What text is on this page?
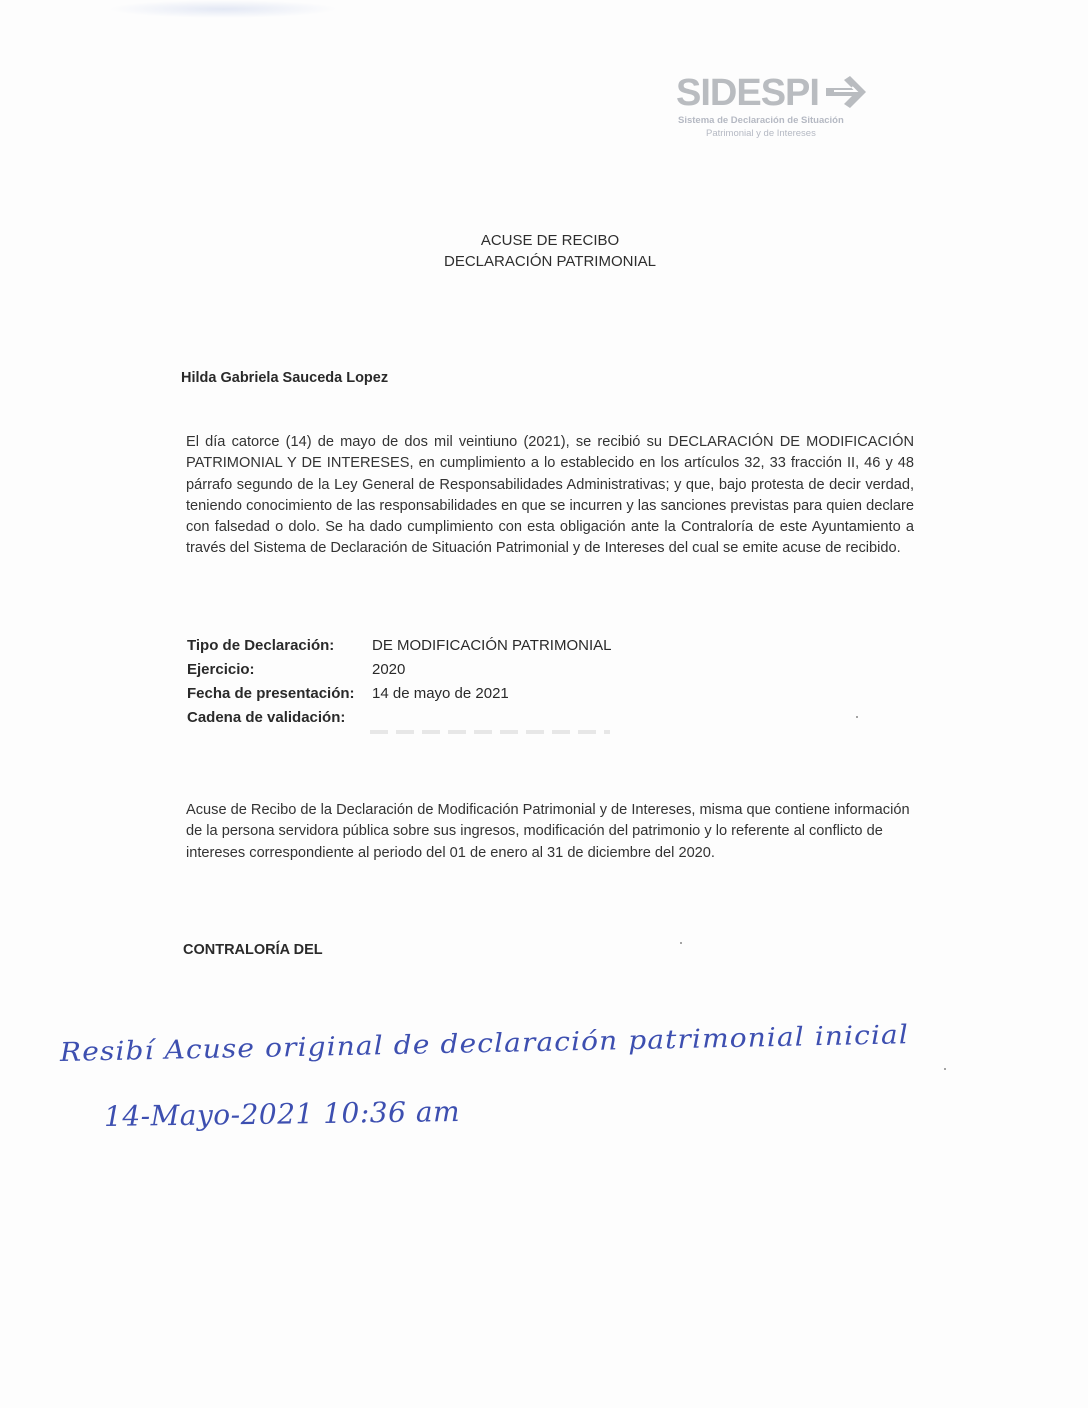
SIDESPI
Sistema de Declaración de Situación
Patrimonial y de Intereses
ACUSE DE RECIBO
DECLARACIÓN PATRIMONIAL
Hilda Gabriela Sauceda Lopez
El día catorce (14) de mayo de dos mil veintiuno (2021), se recibió su DECLARACIÓN DE MODIFICACIÓN PATRIMONIAL Y DE INTERESES, en cumplimiento a lo establecido en los artículos 32, 33 fracción II, 46 y 48 párrafo segundo de la Ley General de Responsabilidades Administrativas; y que, bajo protesta de decir verdad, teniendo conocimiento de las responsabilidades en que se incurren y las sanciones previstas para quien declare con falsedad o dolo. Se ha dado cumplimiento con esta obligación ante la Contraloría de este Ayuntamiento a través del Sistema de Declaración de Situación Patrimonial y de Intereses del cual se emite acuse de recibido.
Tipo de Declaración:	DE MODIFICACIÓN PATRIMONIAL
Ejercicio:	2020
Fecha de presentación: 14 de mayo de 2021
Cadena de validación:
Acuse de Recibo de la Declaración de Modificación Patrimonial y de Intereses, misma que contiene información de la persona servidora pública sobre sus ingresos, modificación del patrimonio y lo referente al conflicto de intereses correspondiente al periodo del 01 de enero al 31 de diciembre del 2020.
CONTRALORÍA DEL
Resibí Acuse original de declaración patrimonial inicial
14-Mayo-2021 10:36 am
